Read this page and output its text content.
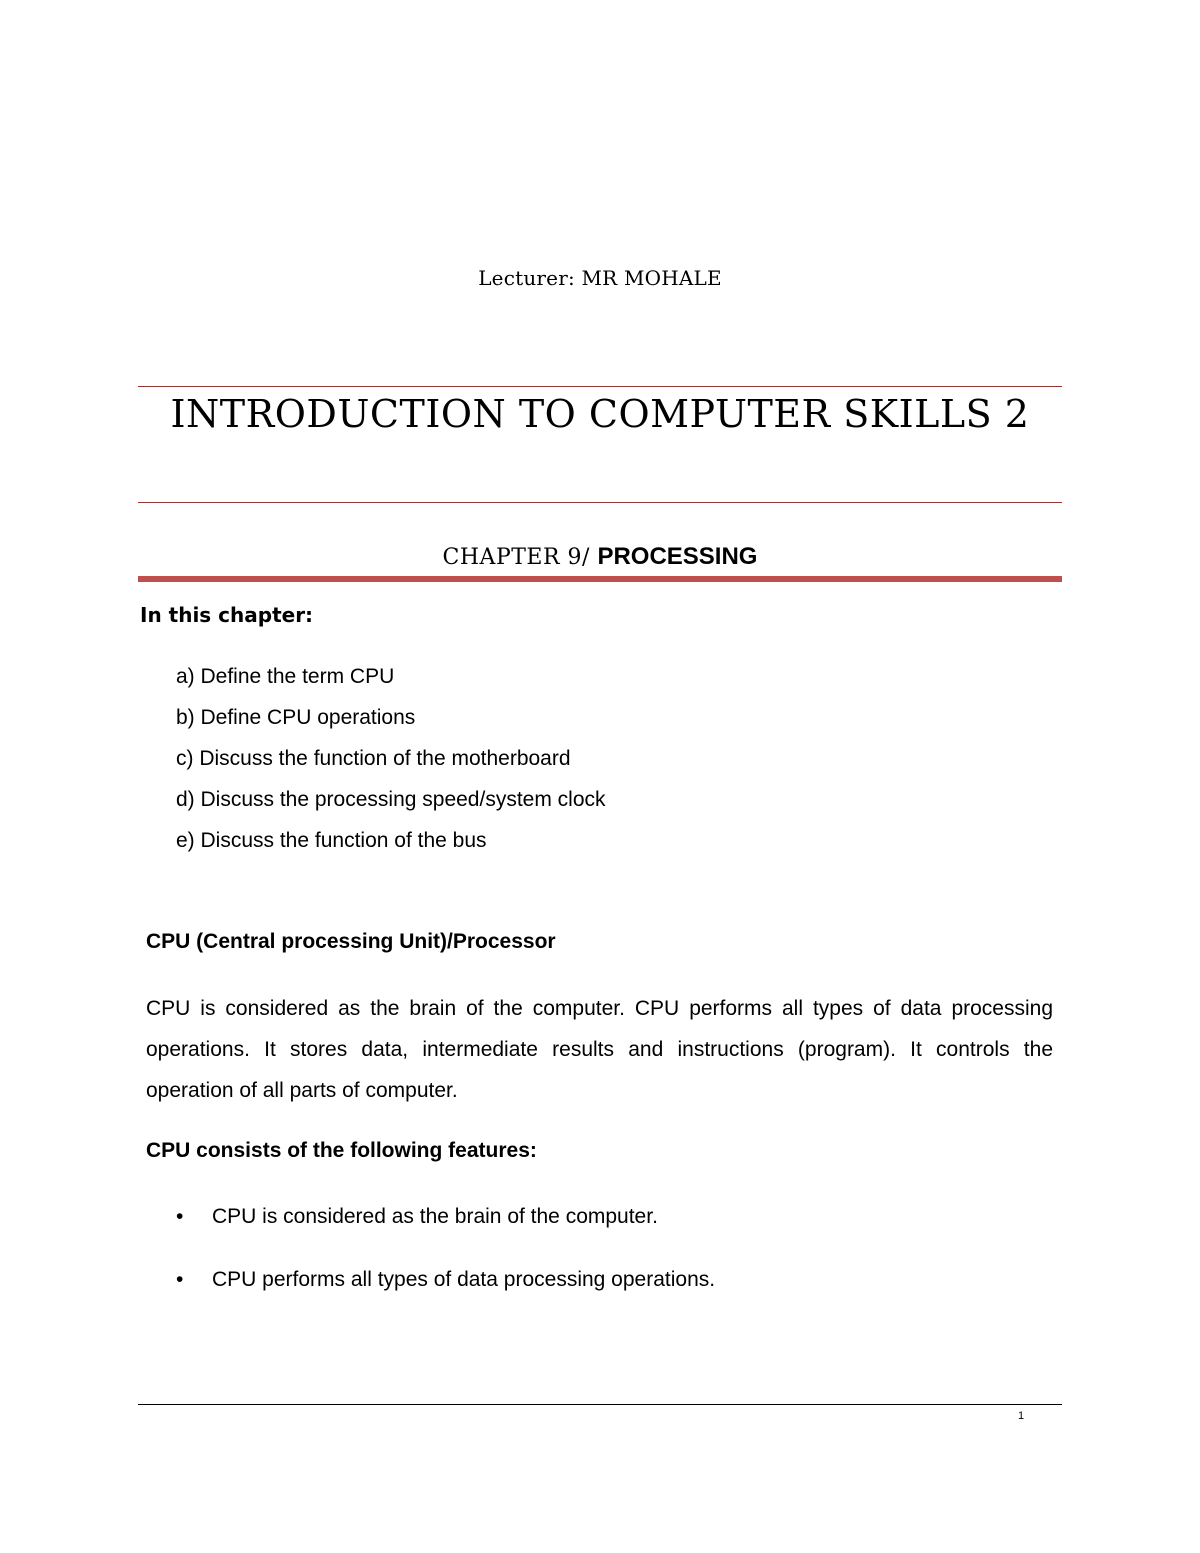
Lecturer: MR MOHALE
INTRODUCTION TO COMPUTER SKILLS 2
CHAPTER 9/ PROCESSING
In this chapter:
a) Define the term CPU
b) Define CPU operations
c) Discuss the function of the motherboard
d) Discuss the processing speed/system clock
e) Discuss the function of the bus
CPU (Central processing Unit)/Processor
CPU is considered as the brain of the computer. CPU performs all types of data processing operations. It stores data, intermediate results and instructions (program). It controls the operation of all parts of computer.
CPU consists of the following features:
• CPU is considered as the brain of the computer.
• CPU performs all types of data processing operations.
1
